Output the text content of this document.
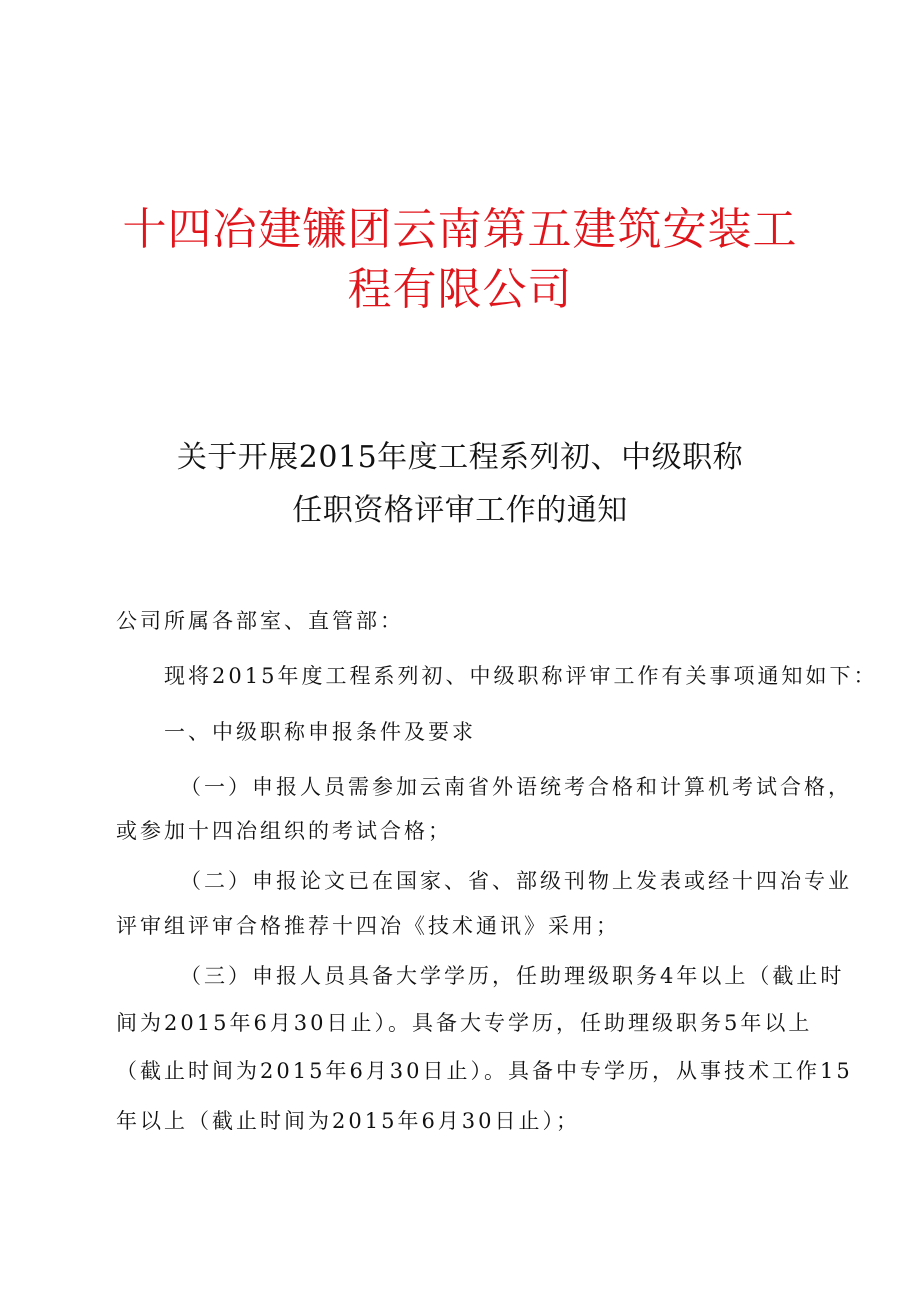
十四冶建镰团云南第五建筑安装工
程有限公司
关于开展2015年度工程系列初、中级职称
任职资格评审工作的通知
公司所属各部室、直管部：
现将2015年度工程系列初、中级职称评审工作有关事项通知如下：
一、中级职称申报条件及要求
（一）申报人员需参加云南省外语统考合格和计算机考试合格，
或参加十四冶组织的考试合格；
（二）申报论文已在国家、省、部级刊物上发表或经十四冶专业
评审组评审合格推荐十四冶《技术通讯》采用；
（三）申报人员具备大学学历，任助理级职务4年以上（截止时
间为2015年6月30日止）。具备大专学历，任助理级职务5年以上
（截止时间为2015年6月30日止）。具备中专学历，从事技术工作15
年以上（截止时间为2015年6月30日止）；
